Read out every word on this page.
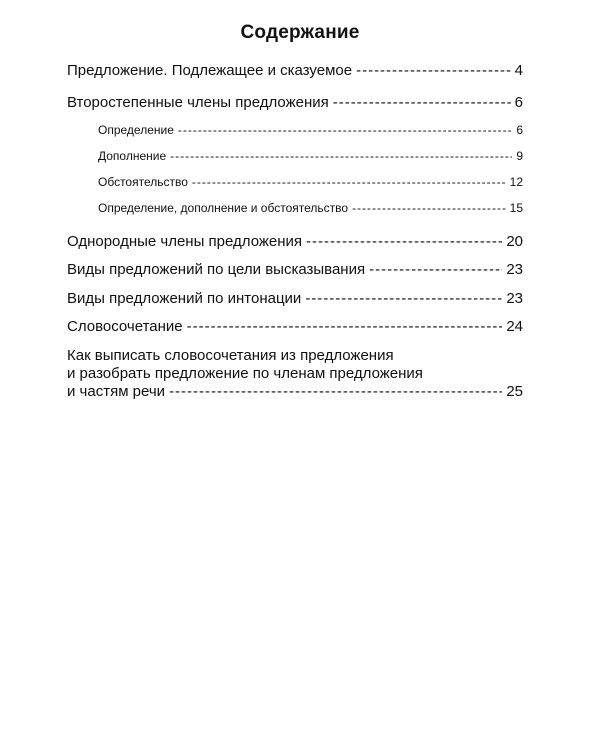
Содержание
Предложение. Подлежащее и сказуемое -----	4
Второстепенные члены предложения -----	6
Определение -----	6
Дополнение -----	9
Обстоятельство -----	12
Определение, дополнение и обстоятельство -----	15
Однородные члены предложения -----	20
Виды предложений по цели высказывания -----	23
Виды предложений по интонации -----	23
Словосочетание -----	24
Как выписать словосочетания из предложения
и разобрать предложение по членам предложения
и частям речи -----	25
